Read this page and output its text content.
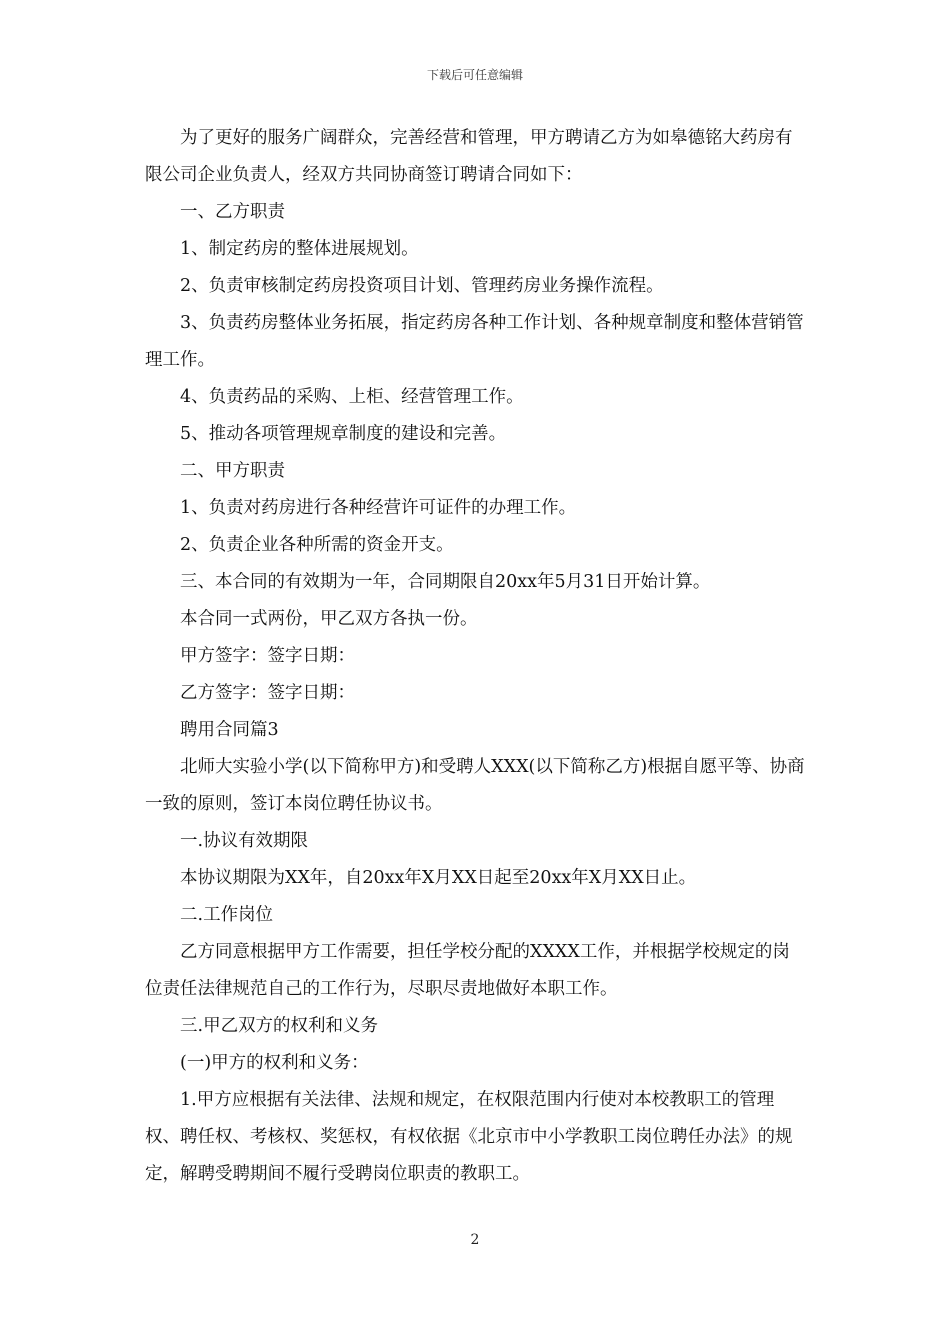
下载后可任意编辑

为了更好的服务广阔群众，完善经营和管理，甲方聘请乙方为如皋德铭大药房有限公司企业负责人，经双方共同协商签订聘请合同如下：

一、乙方职责

1、制定药房的整体进展规划。

2、负责审核制定药房投资项目计划、管理药房业务操作流程。

3、负责药房整体业务拓展，指定药房各种工作计划、各种规章制度和整体营销管理工作。

4、负责药品的采购、上柜、经营管理工作。

5、推动各项管理规章制度的建设和完善。

二、甲方职责

1、负责对药房进行各种经营许可证件的办理工作。

2、负责企业各种所需的资金开支。

三、本合同的有效期为一年，合同期限自20xx年5月31日开始计算。

本合同一式两份，甲乙双方各执一份。

甲方签字：签字日期：

乙方签字：签字日期：

聘用合同篇3

北师大实验小学(以下简称甲方)和受聘人XXX(以下简称乙方)根据自愿平等、协商一致的原则，签订本岗位聘任协议书。

一.协议有效期限

本协议期限为XX年，自20xx年X月XX日起至20xx年X月XX日止。

二.工作岗位

乙方同意根据甲方工作需要，担任学校分配的XXXX工作，并根据学校规定的岗位责任法律规范自己的工作行为，尽职尽责地做好本职工作。

三.甲乙双方的权利和义务

(一)甲方的权利和义务：

1.甲方应根据有关法律、法规和规定，在权限范围内行使对本校教职工的管理权、聘任权、考核权、奖惩权，有权依据《北京市中小学教职工岗位聘任办法》的规定，解聘受聘期间不履行受聘岗位职责的教职工。

2
